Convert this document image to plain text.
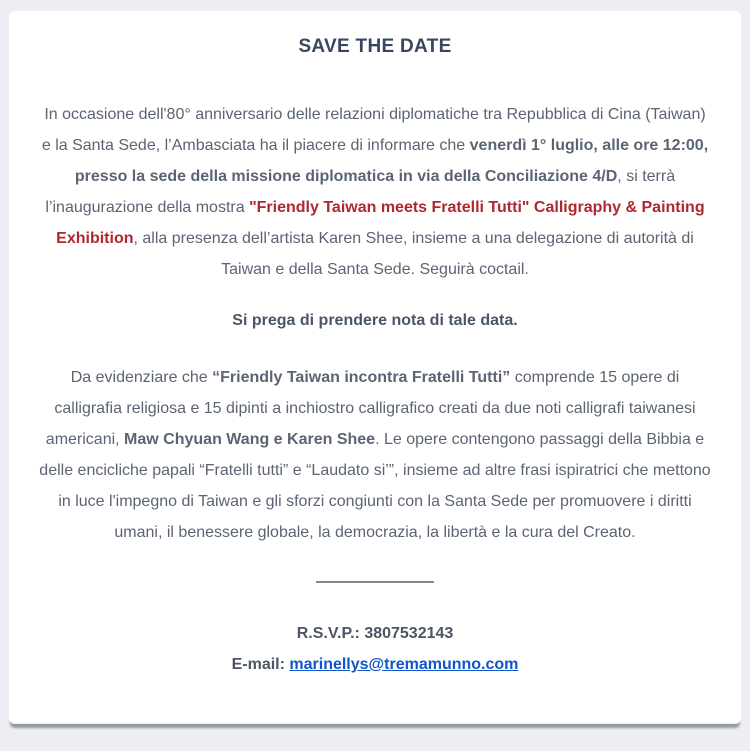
SAVE THE DATE

In occasione dell'80° anniversario delle relazioni diplomatiche tra Repubblica di Cina (Taiwan) e la Santa Sede, l’Ambasciata ha il piacere di informare che venerdì 1° luglio, alle ore 12:00, presso la sede della missione diplomatica in via della Conciliazione 4/D, si terrà l’inaugurazione della mostra "Friendly Taiwan meets Fratelli Tutti" Calligraphy & Painting Exhibition, alla presenza dell’artista Karen Shee, insieme a una delegazione di autorità di Taiwan e della Santa Sede. Seguirà coctail.

Si prega di prendere nota di tale data.

Da evidenziare che “Friendly Taiwan incontra Fratelli Tutti” comprende 15 opere di calligrafia religiosa e 15 dipinti a inchiostro calligrafico creati da due noti calligrafi taiwanesi americani, Maw Chyuan Wang e Karen Shee. Le opere contengono passaggi della Bibbia e delle encicliche papali “Fratelli tutti” e “Laudato si’”, insieme ad altre frasi ispiratrici che mettono in luce l'impegno di Taiwan e gli sforzi congiunti con la Santa Sede per promuovere i diritti umani, il benessere globale, la democrazia, la libertà e la cura del Creato.

R.S.V.P.: 3807532143

E-mail: marinellys@tremamunno.com
